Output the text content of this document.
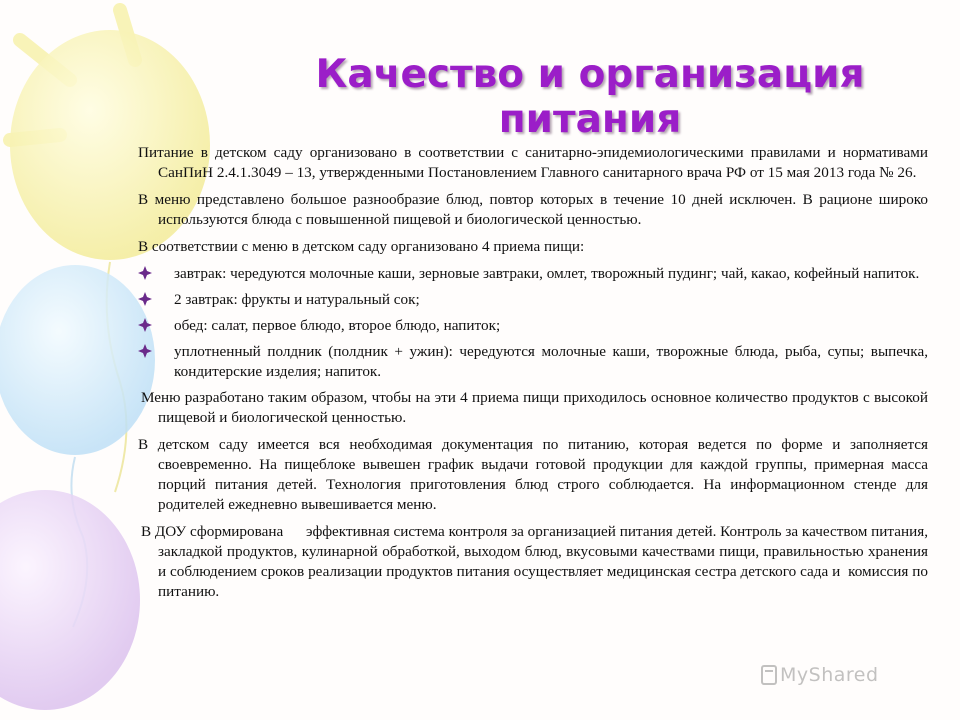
Качество и организация
питания

Питание в детском саду организовано в соответствии с санитарно-эпидемиологическими правилами и нормативами СанПиН 2.4.1.3049 – 13, утвержденными Постановлением Главного санитарного врача РФ от 15 мая 2013 года № 26.

В меню представлено большое разнообразие блюд, повтор которых в течение 10 дней исключен. В рационе широко используются блюда с повышенной пищевой и биологической ценностью.

В соответствии с меню в детском саду организовано 4 приема пищи:

завтрак: чередуются молочные каши, зерновые завтраки, омлет, творожный пудинг; чай, какао, кофейный напиток.
2 завтрак: фрукты и натуральный сок;
обед: салат, первое блюдо, второе блюдо, напиток;
уплотненный полдник (полдник + ужин): чередуются молочные каши, творожные блюда, рыба, супы; выпечка, кондитерские изделия; напиток.

Меню разработано таким образом, чтобы на эти 4 приема пищи приходилось основное количество продуктов с высокой пищевой и биологической ценностью.

В детском саду имеется вся необходимая документация по питанию, которая ведется по форме и заполняется своевременно. На пищеблоке вывешен график выдачи готовой продукции для каждой группы, примерная масса порций питания детей. Технология приготовления блюд строго соблюдается. На информационном стенде для родителей ежедневно вывешивается меню.

В ДОУ сформирована      эффективная система контроля за организацией питания детей. Контроль за качеством питания,  закладкой продуктов, кулинарной обработкой, выходом блюд, вкусовыми качествами пищи, правильностью хранения и соблюдением сроков реализации продуктов питания осуществляет медицинская сестра детского сада и  комиссия по питанию.

MyShared
